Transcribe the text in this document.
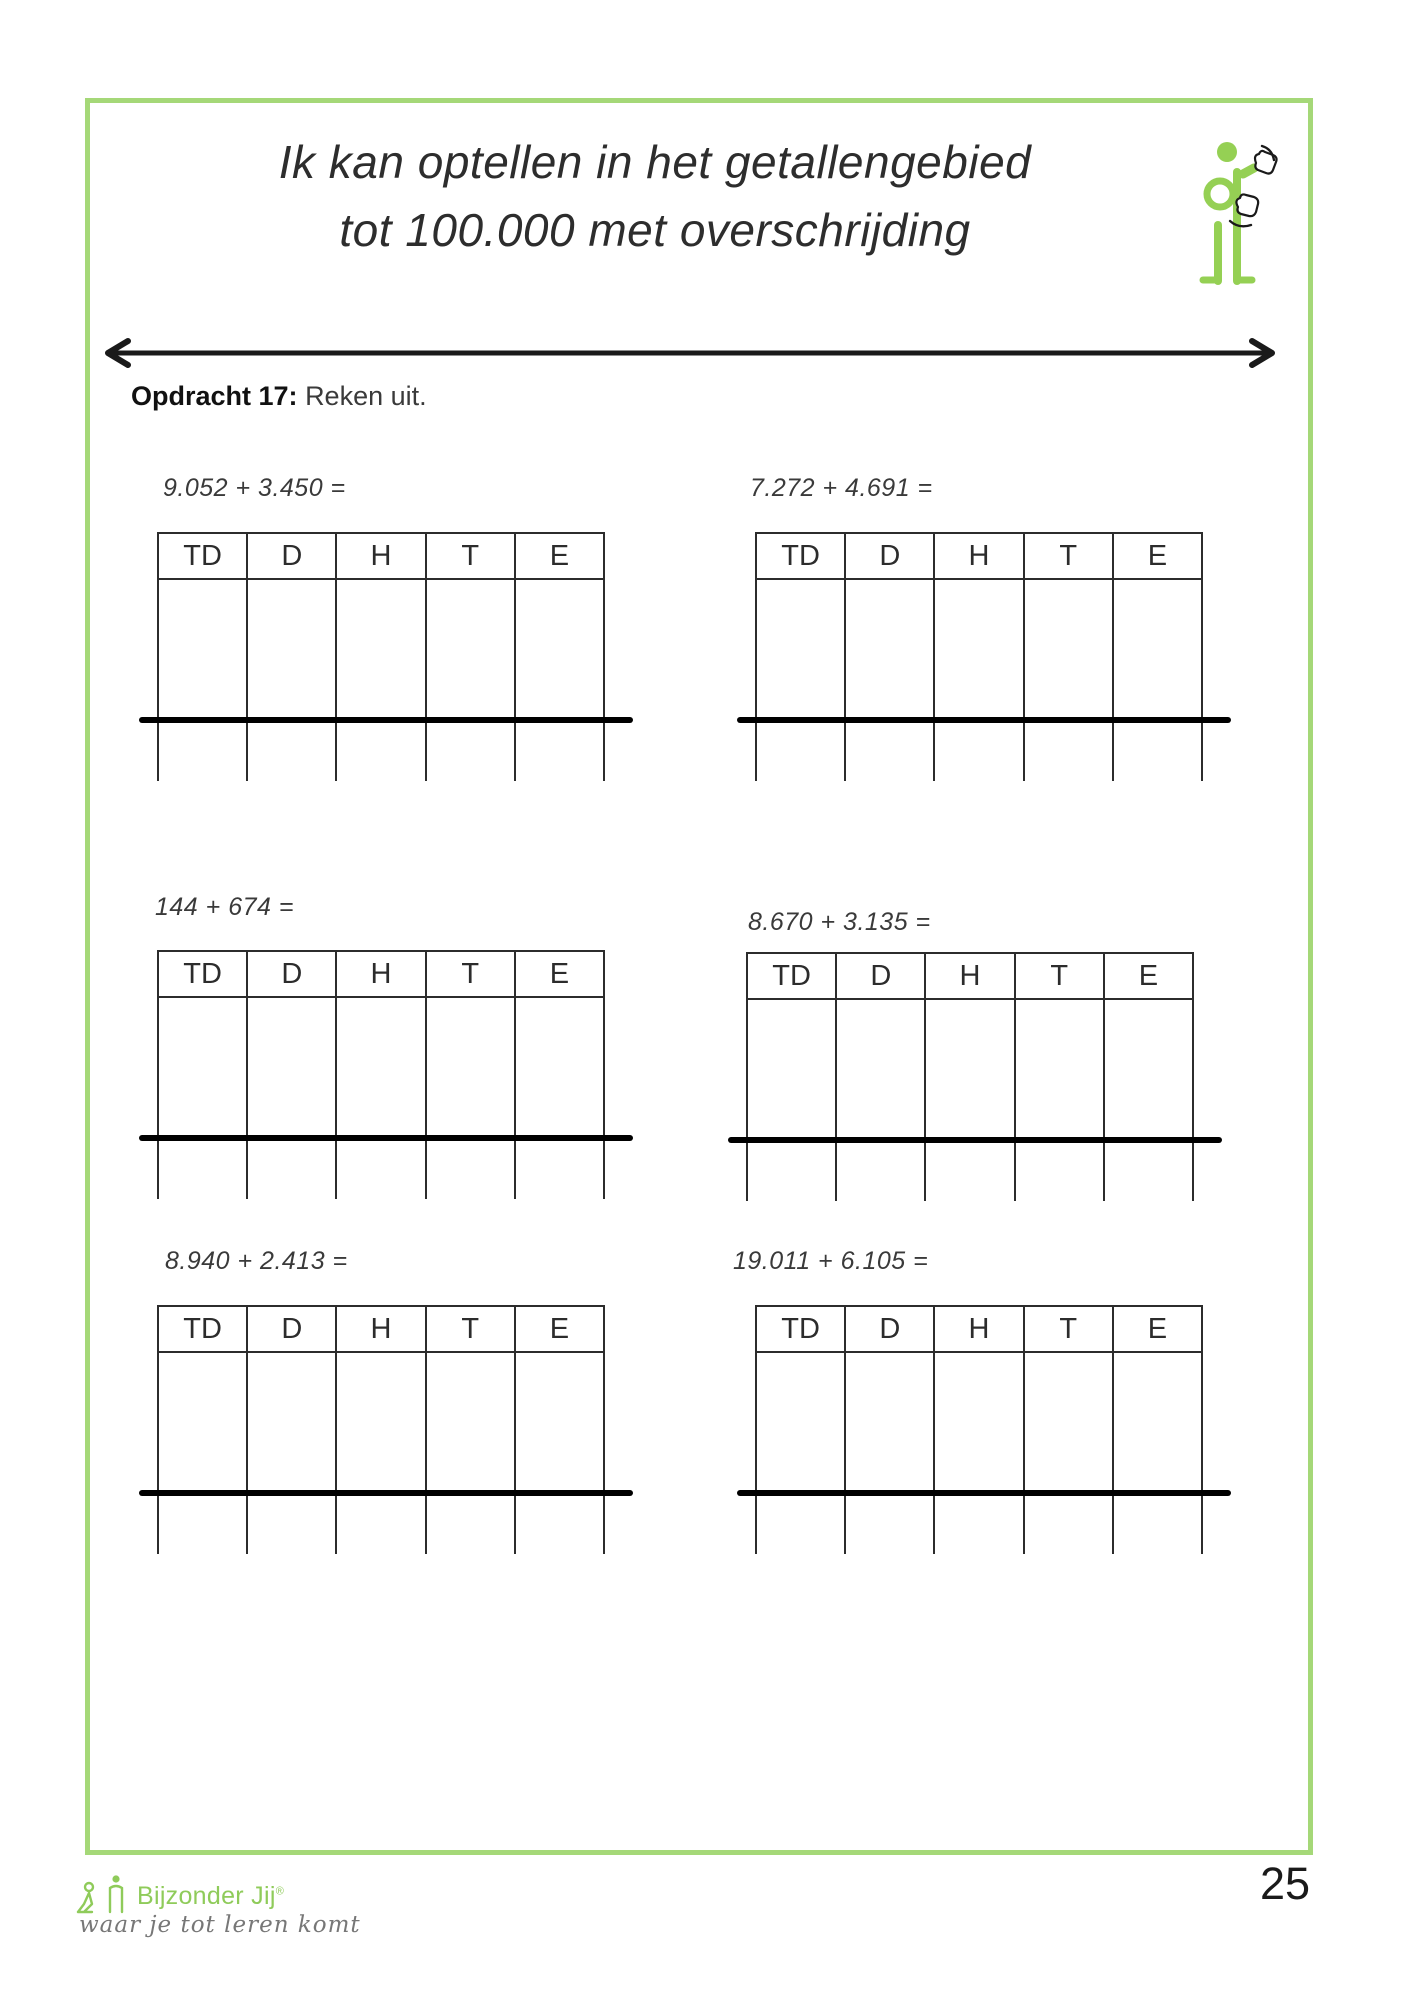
Ik kan optellen in het getallengebied
tot 100.000 met overschrijding
Opdracht 17: Reken uit.
9.052 + 3.450 =
TD	D	H	T	E
7.272 + 4.691 =
TD	D	H	T	E
144 + 674 =
TD	D	H	T	E
8.670 + 3.135 =
TD	D	H	T	E
8.940 + 2.413 =
TD	D	H	T	E
19.011 + 6.105 =
TD	D	H	T	E
Bijzonder Jij®
waar je tot leren komt
25
